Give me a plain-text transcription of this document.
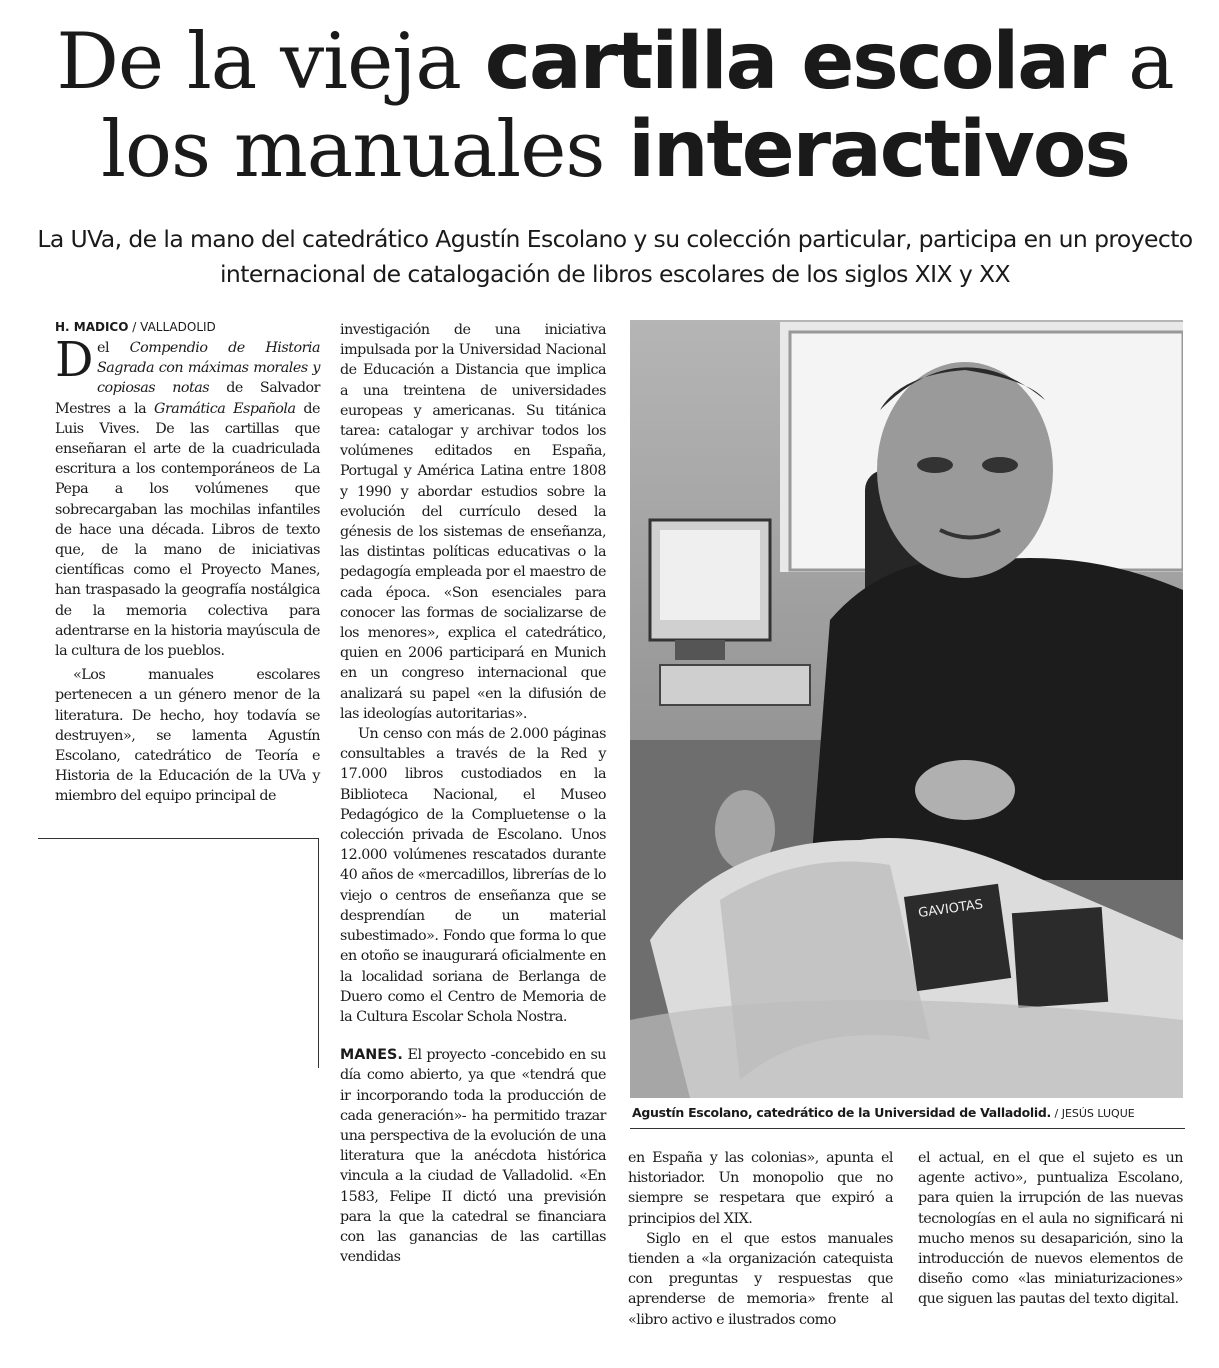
De la vieja cartilla escolar a
los manuales interactivos

La UVa, de la mano del catedrático Agustín Escolano y su colección particular, participa en un proyecto internacional de catalogación de libros escolares de los siglos XIX y XX

H. MADICO / VALLADOLID

Del Compendio de Historia Sagrada con máximas morales y copiosas notas de Salvador Mestres a la Gramática Española de Luis Vives. De las cartillas que enseñaran el arte de la cuadriculada escritura a los contemporáneos de La Pepa a los volúmenes que sobrecargaban las mochilas infantiles de hace una década. Libros de texto que, de la mano de iniciativas científicas como el Proyecto Manes, han traspasado la geografía nostálgica de la memoria colectiva para adentrarse en la historia mayúscula de la cultura de los pueblos.

«Los manuales escolares pertenecen a un género menor de la literatura. De hecho, hoy todavía se destruyen», se lamenta Agustín Escolano, catedrático de Teoría e Historia de la Educación de la UVa y miembro del equipo principal de

investigación de una iniciativa impulsada por la Universidad Nacional de Educación a Distancia que implica a una treintena de universidades europeas y americanas. Su titánica tarea: catalogar y archivar todos los volúmenes editados en España, Portugal y América Latina entre 1808 y 1990 y abordar estudios sobre la evolución del currículo desed la génesis de los sistemas de enseñanza, las distintas políticas educativas o la pedagogía empleada por el maestro de cada época. «Son esenciales para conocer las formas de socializarse de los menores», explica el catedrático, quien en 2006 participará en Munich en un congreso internacional que analizará su papel «en la difusión de las ideologías autoritarias».

Un censo con más de 2.000 páginas consultables a través de la Red y 17.000 libros custodiados en la Biblioteca Nacional, el Museo Pedagógico de la Compluetense o la colección privada de Escolano. Unos 12.000 volúmenes rescatados durante 40 años de «mercadillos, librerías de lo viejo o centros de enseñanza que se desprendían de un material subestimado». Fondo que forma lo que en otoño se inaugurará oficialmente en la localidad soriana de Berlanga de Duero como el Centro de Memoria de la Cultura Escolar Schola Nostra.

MANES. El proyecto -concebido en su día como abierto, ya que «tendrá que ir incorporando toda la producción de cada generación»- ha permitido trazar una perspectiva de la evolución de una literatura que la anécdota histórica vincula a la ciudad de Valladolid. «En 1583, Felipe II dictó una previsión para la que la catedral se financiara con las ganancias de las cartillas vendidas

GAVIOTAS
Agustín Escolano, catedrático de la Universidad de Valladolid. / JESÚS LUQUE

en España y las colonias», apunta el historiador. Un monopolio que no siempre se respetara que expiró a principios del XIX.

Siglo en el que estos manuales tienden a «la organización catequista con preguntas y respuestas que aprenderse de memoria» frente al «libro activo e ilustrados como

el actual, en el que el sujeto es un agente activo», puntualiza Escolano, para quien la irrupción de las nuevas tecnologías en el aula no significará ni mucho menos su desaparición, sino la introducción de nuevos elementos de diseño como «las miniaturizaciones» que siguen las pautas del texto digital.
